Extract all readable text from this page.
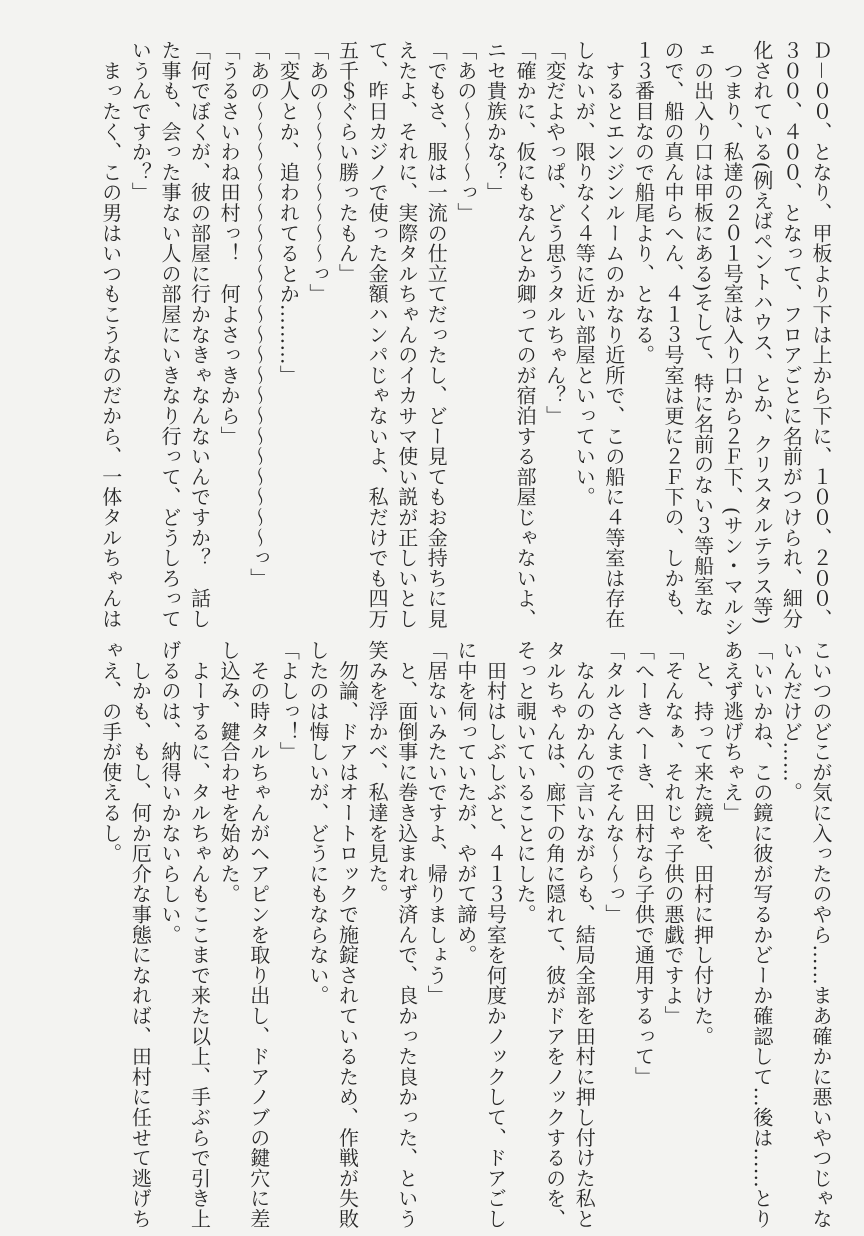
Ｄ－００、となり、甲板より下は上から下に、１００、２００、
３００、４００、となって、フロアごとに名前がつけられ、細分
化されている(例えばペントハウス、とか、クリスタルテラス等)
　つまり、私達の２０１号室は入り口から２Ｆ下、(サン・マルシ
ェの出入り口は甲板にある)そして、特に名前のない３等船室な
ので、船の真ん中らへん、４１３号室は更に２Ｆ下の、しかも、
１３番目なので船尾より、となる。
　するとエンジンルームのかなり近所で、この船に４等室は存在
しないが、限りなく４等に近い部屋といっていい。
「変だよやっぱ、どう思うタルちゃん？」
「確かに、仮にもなんとか卿ってのが宿泊する部屋じゃないよ、
ニセ貴族かな？」
「あの～～～～っ」
「でもさ、服は一流の仕立てだったし、どー見てもお金持ちに見
えたよ、それに、実際タルちゃんのイカサマ使い説が正しいとし
て、昨日カジノで使った金額ハンパじゃないよ、私だけでも四万
五千＄ぐらい勝ったもん」
「あの～～～～～～～～っ」
「変人とか、追われてるとか………」
「あの～～～～～～～～～～～～～～～～～～～～～～っ」
「うるさいわね田村っ！　何よさっきから」
「何でぼくが、彼の部屋に行かなきゃなんないんですか？　話し
た事も、会った事ない人の部屋にいきなり行って、どうしろって
いうんですか？」
　まったく、この男はいつもこうなのだから、一体タルちゃんは
こいつのどこが気に入ったのやら……まあ確かに悪いやつじゃな
いんだけど……。
「いいかね、この鏡に彼が写るかどーか確認して…後は……とり
あえず逃げちゃえ」
　と、持って来た鏡を、田村に押し付けた。
「そんなぁ、それじゃ子供の悪戯ですよ」
「へーきへーき、田村なら子供で通用するって」
「タルさんまでそんな～～っ」
　なんのかんの言いながらも、結局全部を田村に押し付けた私と
タルちゃんは、廊下の角に隠れて、彼がドアをノックするのを、
そっと覗いていることにした。
　田村はしぶしぶと、４１３号室を何度かノックして、ドアごし
に中を伺っていたが、やがて諦め。
「居ないみたいですよ、帰りましょう」
　と、面倒事に巻き込まれず済んで、良かった良かった、という
笑みを浮かべ、私達を見た。
　勿論、ドアはオートロックで施錠されているため、作戦が失敗
したのは悔しいが、どうにもならない。
「よしっ！」
　その時タルちゃんがヘアピンを取り出し、ドアノブの鍵穴に差
し込み、鍵合わせを始めた。
　よーするに、タルちゃんもここまで来た以上、手ぶらで引き上
げるのは、納得いかないらしい。
　しかも、もし、何か厄介な事態になれば、田村に任せて逃げち
ゃえ、の手が使えるし。
